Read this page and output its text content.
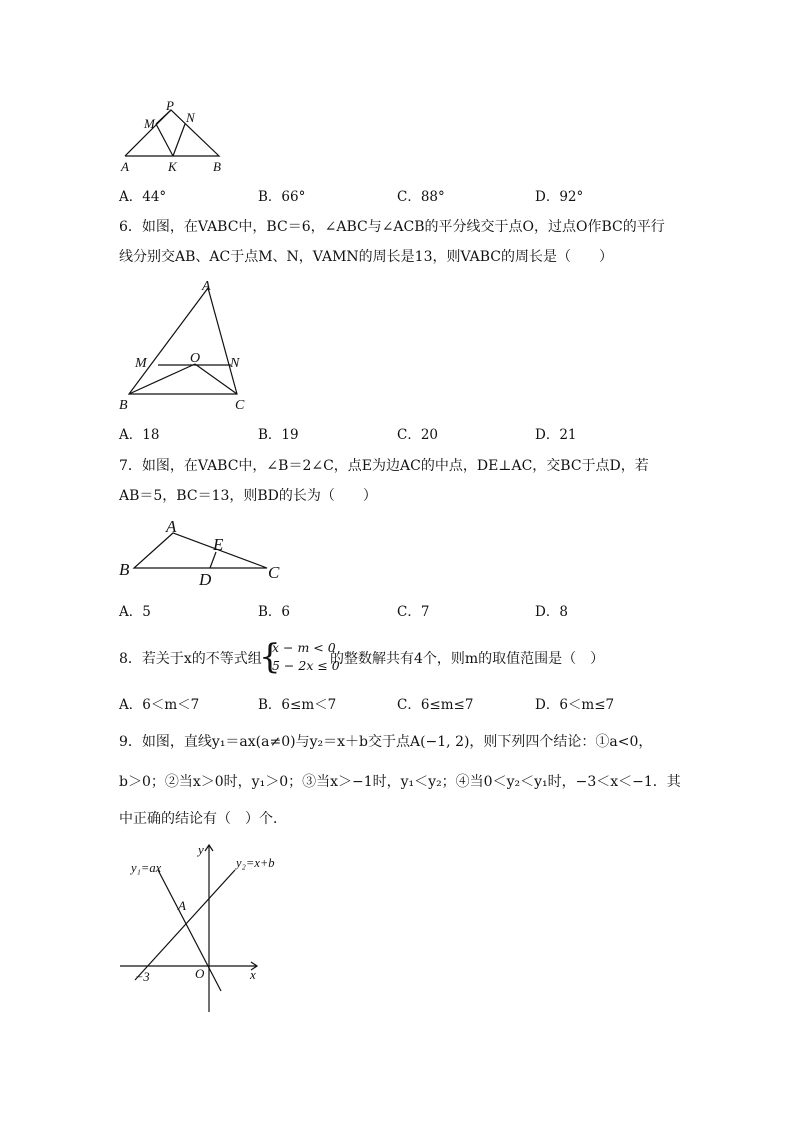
P
M N
A	K	B
A．44°	B．66°	C．88°	D．92°
6．如图，在VABC中，BC＝6，∠ABC与∠ACB的平分线交于点O，过点O作BC的平行
线分别交AB、AC于点M、N，VAMN的周长是13，则VABC的周长是（　　）
A
M	O N
B	C
A．18	B．19	C．20	D．21
7．如图，在VABC中，∠B＝2∠C，点E为边AC的中点，DE⊥AC，交BC于点D，若
AB＝5，BC＝13，则BD的长为（　　）
A
E
B
D	C
A．5	B．6	C．7	D．8
8．若关于x的不等式组
{
x − m < 0
5 − 2x ≤ 0
的整数解共有4个，则m的取值范围是（　）
A．6＜m＜7	B．6≤m＜7	C．6≤m≤7	D．6＜m≤7
9．如图，直线y₁＝ax(a≠0)与y₂＝x＋b交于点A(−1, 2)，则下列四个结论：①a<0，
b＞0；②当x＞0时，y₁＞0；③当x＞−1时，y₁＜y₂；④当0＜y₂＜y₁时，−3＜x＜−1．其
中正确的结论有（　）个．
y₁=ax	y₂=x+b
A
O	x
y
−3
